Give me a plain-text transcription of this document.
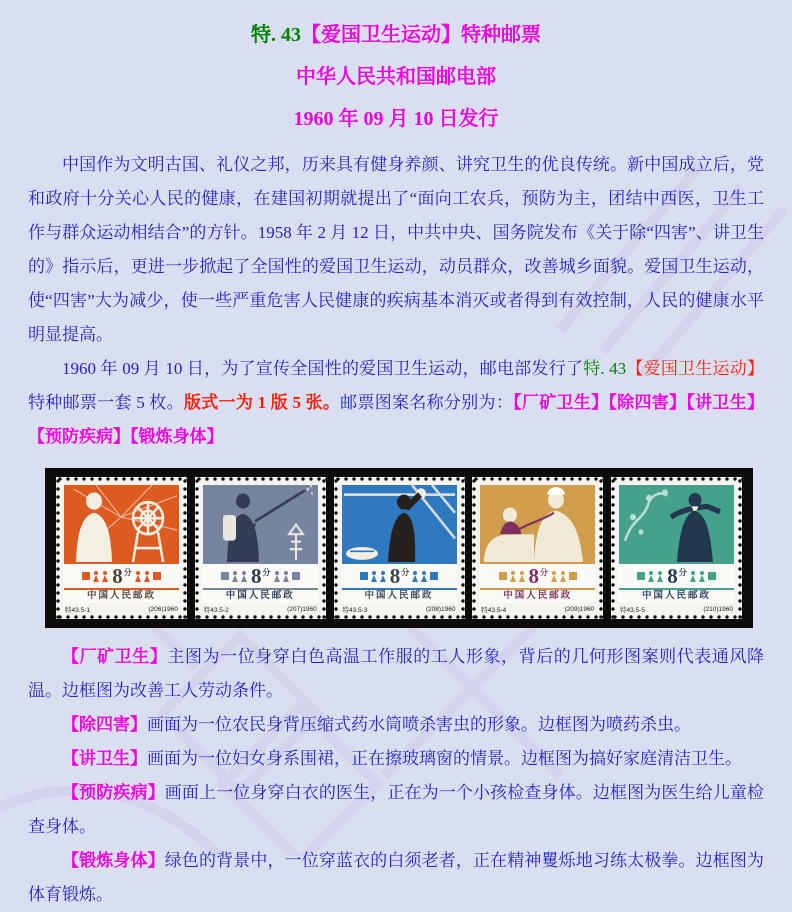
特. 43【爱国卫生运动】特种邮票
中华人民共和国邮电部
1960 年 09 月 10 日发行

中国作为文明古国、礼仪之邦，历来具有健身养颜、讲究卫生的优良传统。新中国成立后，党和政府十分关心人民的健康，在建国初期就提出了“面向工农兵，预防为主，团结中西医，卫生工作与群众运动相结合”的方针。1958 年 2 月 12 日，中共中央、国务院发布《关于除“四害”、讲卫生的》指示后，更进一步掀起了全国性的爱国卫生运动，动员群众，改善城乡面貌。爱国卫生运动，使“四害”大为减少，使一些严重危害人民健康的疾病基本消灭或者得到有效控制，人民的健康水平明显提高。

1960 年 09 月 10 日，为了宣传全国性的爱国卫生运动，邮电部发行了特. 43【爱国卫生运动】特种邮票一套 5 枚。版式一为 1 版 5 张。邮票图案名称分别为：【厂矿卫生】【除四害】【讲卫生】【预防疾病】【锻炼身体】

8 分
中国人民邮政
特43.5-1	(206)1960
8 分
中国人民邮政
特43.5-2	(207)1960
8 分
中国人民邮政
特43.5-3	(208)1960
8 分
中国人民邮政
特43.5-4	(209)1960
8 分
中国人民邮政
特43.5-5	(210)1960

【厂矿卫生】主图为一位身穿白色高温工作服的工人形象，背后的几何形图案则代表通风降温。边框图为改善工人劳动条件。

【除四害】画面为一位农民身背压缩式药水筒喷杀害虫的形象。边框图为喷药杀虫。

【讲卫生】画面为一位妇女身系围裙，正在擦玻璃窗的情景。边框图为搞好家庭清洁卫生。

【预防疾病】画面上一位身穿白衣的医生，正在为一个小孩检查身体。边框图为医生给儿童检查身体。

【锻炼身体】绿色的背景中，一位穿蓝衣的白须老者，正在精神矍烁地习练太极拳。边框图为体育锻炼。
